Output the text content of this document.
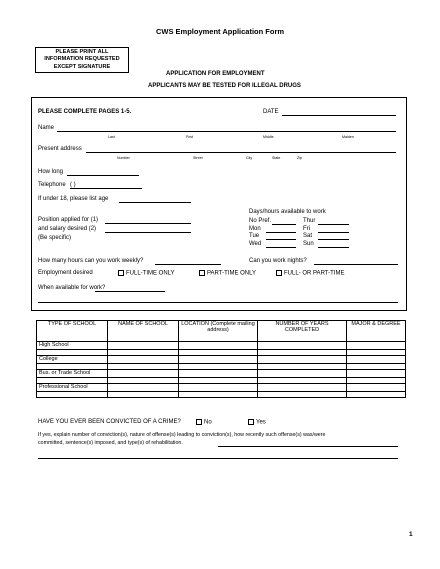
CWS Employment Application Form
PLEASE PRINT ALL
INFORMATION REQUESTED
EXCEPT SIGNATURE
APPLICATION FOR EMPLOYMENT
APPLICANTS MAY BE TESTED FOR ILLEGAL DRUGS
PLEASE COMPLETE PAGES 1-5.	DATE
Name
Last	First	Middle	Maiden
Present address
Number	Street	City	State	Zip
How long
Telephone ( )
If under 18, please list age
Position applied for (1)
and salary desired (2)
(Be specific)
Days/hours available to work
No Pref.	Thur
Mon	Fri
Tue	Sat
Wed	Sun
How many hours can you work weekly?	Can you work nights?
Employment desired	FULL-TIME ONLY	PART-TIME ONLY	FULL- OR PART-TIME
When available for work?
TYPE OF SCHOOL	NAME OF SCHOOL	LOCATION (Complete mailing address)	NUMBER OF YEARS COMPLETED	MAJOR & DEGREE
High School				

College				

Bus. or Trade School				

Professional School				

HAVE YOU EVER BEEN CONVICTED OF A CRIME?	No	Yes
If yes, explain number of conviction(s), nature of offense(s) leading to conviction(s), how recently such offense(s) was/were
committed, sentence(s) imposed, and type(s) of rehabilitation.
1
